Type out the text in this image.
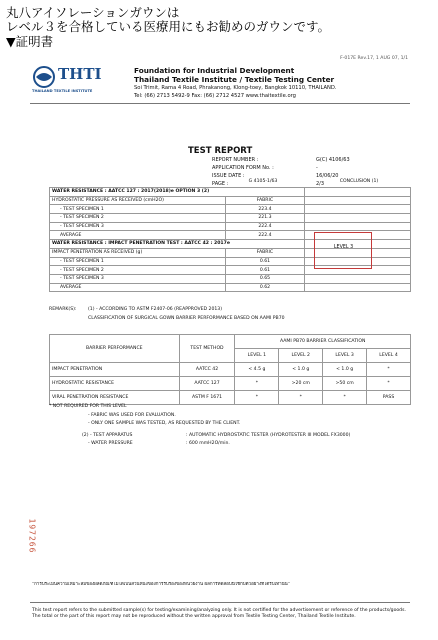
丸八アイソレーションガウンは
レベル３を合格している医療用にもお勧めのガウンです。
▼証明書
F-017E Rev.17, 1 AUG 07, 1/1
THTI
THAILAND TEXTILE INSTITUTE
Foundation for Industrial Development
Thailand Textile Institute / Textile Testing Center
Soi Trimit, Rama 4 Road, Phrakanong, Klong-toey, Bangkok 10110, THAILAND.
Tel: (66) 2713 5492-9 Fax: (66) 2712 4527 www.thaitextile.org
TEST REPORT
REPORT NUMBER :	G(C) 4106/63
APPLICATION FORM No. :	-
ISSUE DATE :	16/06/20
PAGE :	2/3
G 4105-1/63	CONCLUSION (1)
WATER RESISTANCE : AATCC 127 : 2017(2018)e OPTION 3 (2)		
HYDROSTATIC PRESSURE AS RECEIVED (cmH2O)	FABRIC	
- TEST SPECIMEN 1	223.4	
- TEST SPECIMEN 2	221.3	
- TEST SPECIMEN 3	222.4	
AVERAGE	222.4	
WATER RESISTANCE : IMPACT PENETRATION TEST : AATCC 42 : 2017e		
IMPACT PENETRATION AS RECEIVED (g)	FABRIC	
- TEST SPECIMEN 1	0.61	
- TEST SPECIMEN 2	0.61	
- TEST SPECIMEN 3	0.65	
AVERAGE	0.62	
LEVEL 3
REMARK(S):	(1) - ACCORDING TO ASTM F2407-06 (REAPPROVED 2013)
CLASSIFICATION OF SURGICAL GOWN BARRIER PERFORMANCE BASED ON AAMI PB70
BARRIER PERFORMANCE	TEST METHOD	AAMI PB70 BARRIER CLASSIFICATION			
		LEVEL 1	LEVEL 2	LEVEL 3	LEVEL 4
IMPACT PENETRATION	AATCC 42	< 4.5 g	< 1.0 g	< 1.0 g	*
HYDROSTATIC RESISTANCE	AATCC 127	*	>20 cm	>50 cm	*
VIRAL PENETRATION RESISTANCE	ASTM F 1671	*	*	*	PASS
* NOT REQUIRED FOR THIS LEVEL
- FABRIC WAS USED FOR EVALUATION.
- ONLY ONE SAMPLE WAS TESTED, AS REQUESTED BY THE CLIENT.
(2) - TEST APPARATUS	: AUTOMATIC HYDROSTATIC TESTER (HYDROTESTER III MODEL FX3000)
- WATER PRESSURE	: 600 mmH2O/min.
197266
"การประเมินความเหมาะสมของผลิตภัณฑ์ไม่ได้เป็นส่วนหนึ่งของการรับรองของหน่วยงาน ผลการทดสอบนี้ใช้กับตัวอย่างที่ได้รับเท่านั้น"
This test report refers to the submitted sample(s) for testing/examining/analyzing only. It is not certified for the advertisement or reference of the products/goods. The total or the part of this report may not be reproduced without the written approval from Textile Testing Center, Thailand Textile Institute.
